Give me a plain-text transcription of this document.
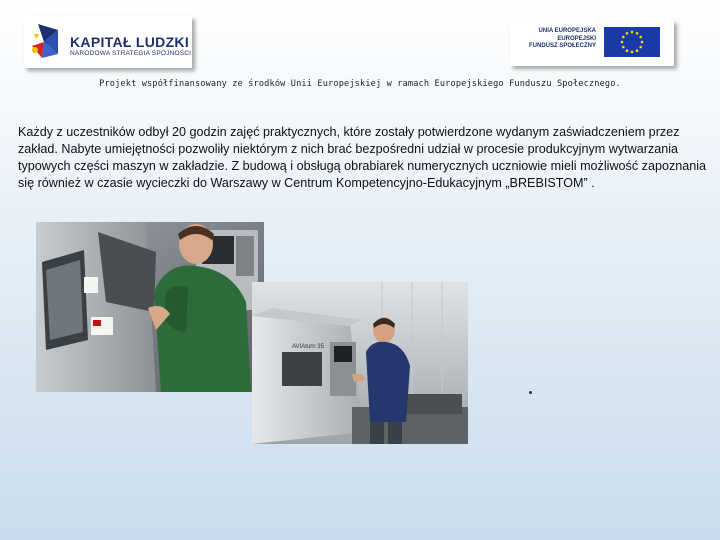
KAPITAŁ LUDZKI
NARODOWA STRATEGIA SPÓJNOŚCI
UNIA EUROPEJSKA
EUROPEJSKI
FUNDUSZ SPOŁECZNY
Projekt współfinansowany ze środków Unii Europejskiej w ramach Europejskiego Funduszu Społecznego.

Każdy z uczestników odbył 20 godzin zajęć praktycznych, które zostały potwierdzone wydanym zaświadczeniem przez zakład. Nabyte umiejętności pozwoliły niektórym z nich brać bezpośredni udział w procesie produkcyjnym wytwarzania typowych części maszyn w zakładzie. Z budową i obsługą obrabiarek numerycznych uczniowie mieli możliwość zapoznania się również w czasie wycieczki do Warszawy w Centrum Kompetencyjno-Edukacyjnym „BREBISTOM” .

AVIAturn 35
